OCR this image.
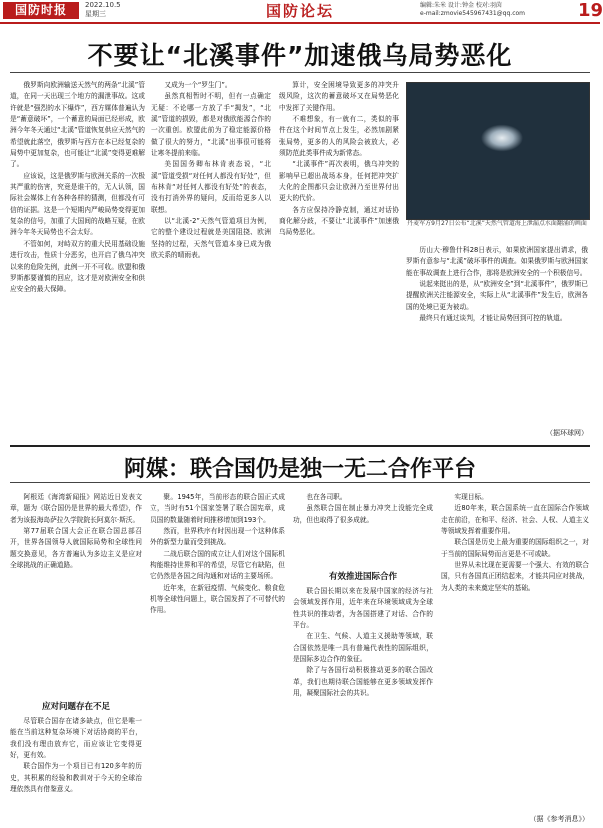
国防时报	2022.10.5
星期三	国防论坛	编辑:朱米 设计:钟金 校对:羽茵
e-mail:zmovie545967431@qq.com	19
不要让“北溪事件”加速俄乌局势恶化

俄罗斯向欧洲输送天然气的两条“北溪”管道，在同一天出现三个地方的漏泄事故。这或许就是“强烈的水下爆炸”，西方媒体普遍认为是“蓄意破坏”，一个蓄意的局面已经形成，欧洲今年冬天通过“北溪”管道恢复供应天然气的希望就此落空，俄罗斯与西方在本已经复杂的局势中更加复杂，也可能让“北溪”变得更难解了。

应该说，这是俄罗斯与欧洲关系的一次极其严重的伤害，究竟是谁干的，无人认领，国际社会媒体上有各种各样的猜测，但都没有可信的证据。这是一个短期内严峻局势变得更加复杂的信号，加重了大国间的战略互疑，在欧洲今年冬天局势也不会太好。

不管如何，对峙双方的重大民用基础设施进行攻击，性质十分恶劣，也开启了俄乌冲突以来的危险先例，此例一开不可收。欧盟和俄罗斯都要谨慎的回应，这才是对欧洲安全和供应安全的最大保障。

又成为一个“罗生门”。

虽然真相暂时不明，但有一点确定无疑：不论哪一方放了手“揭发”，“北溪”管道的损毁，都是对俄欧能源合作的一次重创。欧盟此前为了稳定能源价格做了很大的努力，“北溪”出事很可能将让寒冬提前来临。

美国国务卿布林肯表态说，“北溪”管道受损“对任何人都没有好处”，但布林肯“对任何人都没有好处”的表态，没有打消外界的疑问，反而给更多人以联想。

以“北溪-2”天然气管道项目为例，它的整个建设过程就是美国阻挠、欧洲坚持的过程，天然气管道本身已成为俄欧关系的晴雨表。

算计，安全困境导致更多的冲突升级风险，这次的蓄意破坏又在局势恶化中发挥了关键作用。

不难想象，有一就有二，类似的事件在这个时间节点上发生，必然加剧紧张局势，更多的人的风险会被放大，必须防范此类事件成为新常态。

“北溪事件”再次表明，俄乌冲突的影响早已超出战场本身，任何把冲突扩大化的企图都只会让欧洲乃至世界付出更大的代价。

各方应保持冷静克制，通过对话协商化解分歧，不要让“北溪事件”加速俄乌局势恶化。

丹麦军方9月27日公布“北溪”天然气管道海上泄漏点水面翻涌的画面

历山大·穆鲁什科28日表示，如果欧洲国家提出请求，俄罗斯有意参与“北溪”破坏事件的调查。如果俄罗斯与欧洲国家能在事故调查上进行合作，那将是欧洲安全的一个积极信号。

说起来挺出的是，从“欧洲安全”到“北溪事件”，俄罗斯已提醒欧洲关注能源安全，实际上从“北溪事件”发生后，欧洲各国的处境已更为被动。

最终只有通过谈判，才能让局势回到可控的轨道。

（据环球网）
阿媒：联合国仍是独一无二合作平台

阿根廷《海湾新闻报》网站近日发表文章，题为《联合国仍是世界的最大希望》，作者为该报海岛萨拉久学院院长阿莫尔·斯沃。

第77届联合国大会正在联合国总部召开，世界各国领导人就国际局势和全球性问题交换意见，各方普遍认为多边主义是应对全球挑战的正确道路。

应对问题存在不足

尽管联合国存在诸多缺点，但它是唯一能在当前这种复杂环境下对话协商的平台，我们没有理由放弃它，而应该让它变得更好，更有效。

联合国作为一个项目已有120多年的历史，其积累的经验和教训对于今天的全球治理依然具有借鉴意义。

聚。1945年，当前形态的联合国正式成立，当时有51个国家签署了联合国宪章，成员国的数量随着时间推移增加到193个。

然而，世界秩序有时因出现一个这种体系外的新型力量而受到挑战。

二战后联合国的成立让人们对这个国际机构能维持世界和平的希望，尽管它有缺陷，但它仍然是各国之间沟通和对话的主要场所。

近年来，在新冠疫情、气候变化、粮食危机等全球性问题上，联合国发挥了不可替代的作用。

也在各司职。

虽然联合国在制止暴力冲突上没能完全成功，但也取得了很多成就。

有效推进国际合作

联合国长期以来在发展中国家的经济与社会领域发挥作用，近年来在环境领域成为全球性共识的推动者，为各国搭建了对话、合作的平台。

在卫生、气候、人道主义援助等领域，联合国依然是唯一具有普遍代表性的国际组织，是国际多边合作的象征。

除了与各国行动积极推动更多的联合国改革，我们也期待联合国能够在更多领域发挥作用，凝聚国际社会的共识。

实现目标。

近80年来，联合国系统一直在国际合作领域走在前沿，在和平、经济、社会、人权、人道主义等领域发挥着重要作用。

联合国是历史上最为重要的国际组织之一，对于当前的国际局势而言更是不可或缺。

世界从未比现在更需要一个强大、有效的联合国，只有各国真正团结起来，才能共同应对挑战，为人类的未来奠定坚实的基础。

（据《参考消息》）
